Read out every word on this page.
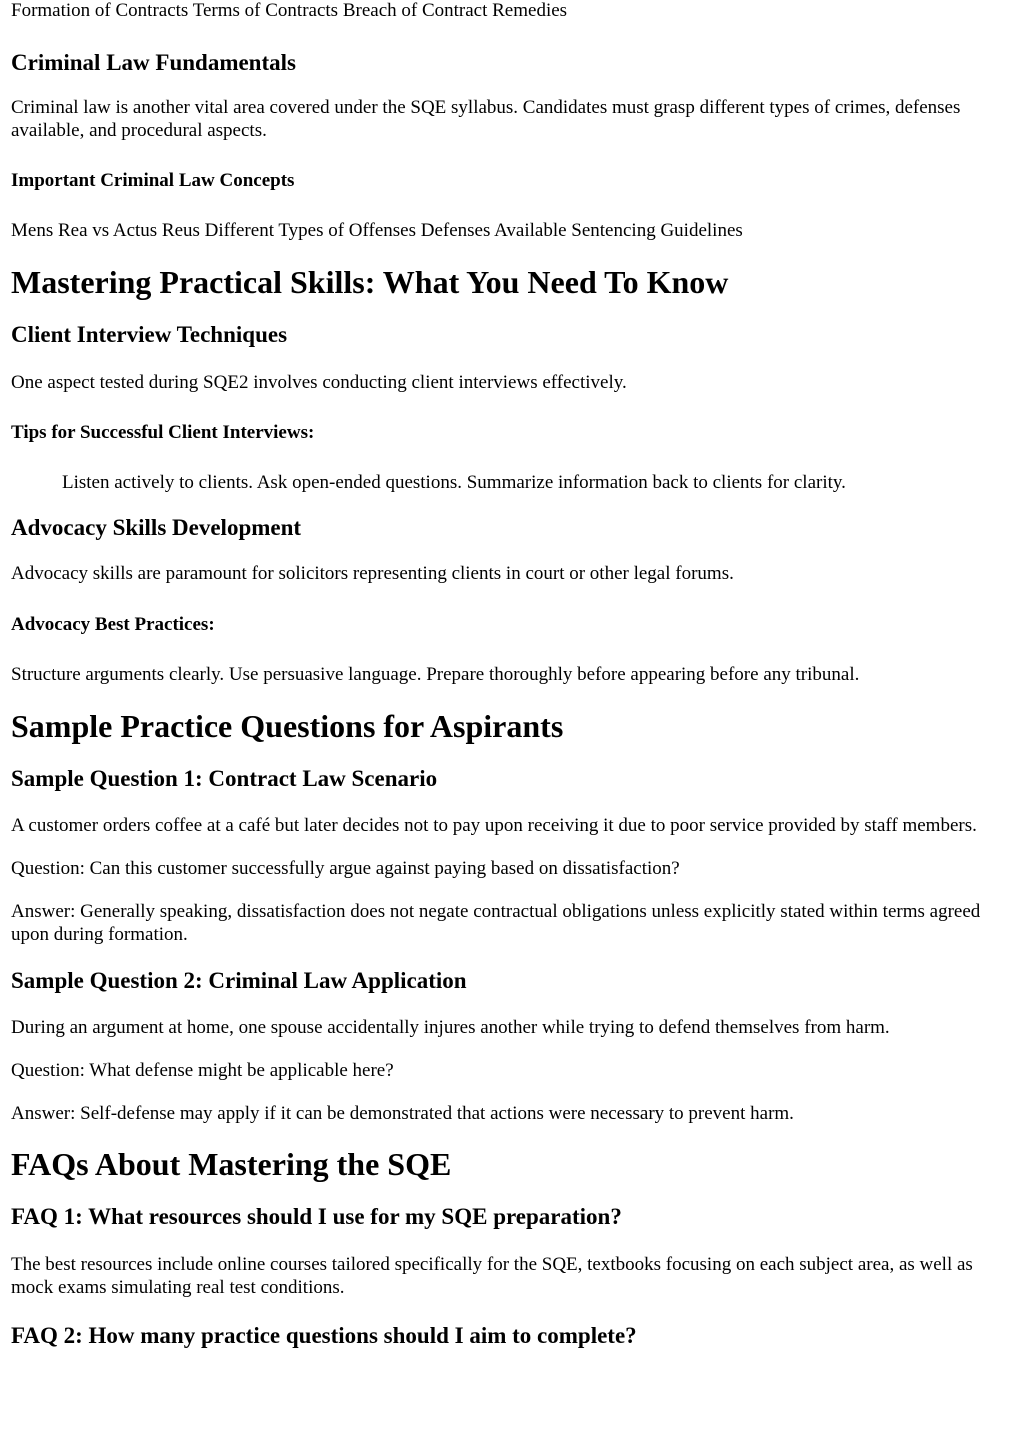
Formation of Contracts Terms of Contracts Breach of Contract Remedies

Criminal Law Fundamentals

Criminal law is another vital area covered under the SQE syllabus. Candidates must grasp different types of crimes, defenses available, and procedural aspects.

Important Criminal Law Concepts

Mens Rea vs Actus Reus Different Types of Offenses Defenses Available Sentencing Guidelines

Mastering Practical Skills: What You Need To Know
Client Interview Techniques

One aspect tested during SQE2 involves conducting client interviews effectively.

Tips for Successful Client Interviews:

Listen actively to clients. Ask open-ended questions. Summarize information back to clients for clarity.

Advocacy Skills Development

Advocacy skills are paramount for solicitors representing clients in court or other legal forums.

Advocacy Best Practices:

Structure arguments clearly. Use persuasive language. Prepare thoroughly before appearing before any tribunal.

Sample Practice Questions for Aspirants
Sample Question 1: Contract Law Scenario

A customer orders coffee at a café but later decides not to pay upon receiving it due to poor service provided by staff members.

Question: Can this customer successfully argue against paying based on dissatisfaction?

Answer: Generally speaking, dissatisfaction does not negate contractual obligations unless explicitly stated within terms agreed upon during formation.

Sample Question 2: Criminal Law Application

During an argument at home, one spouse accidentally injures another while trying to defend themselves from harm.

Question: What defense might be applicable here?

Answer: Self-defense may apply if it can be demonstrated that actions were necessary to prevent harm.

FAQs About Mastering the SQE
FAQ 1: What resources should I use for my SQE preparation?

The best resources include online courses tailored specifically for the SQE, textbooks focusing on each subject area, as well as mock exams simulating real test conditions.

FAQ 2: How many practice questions should I aim to complete?
